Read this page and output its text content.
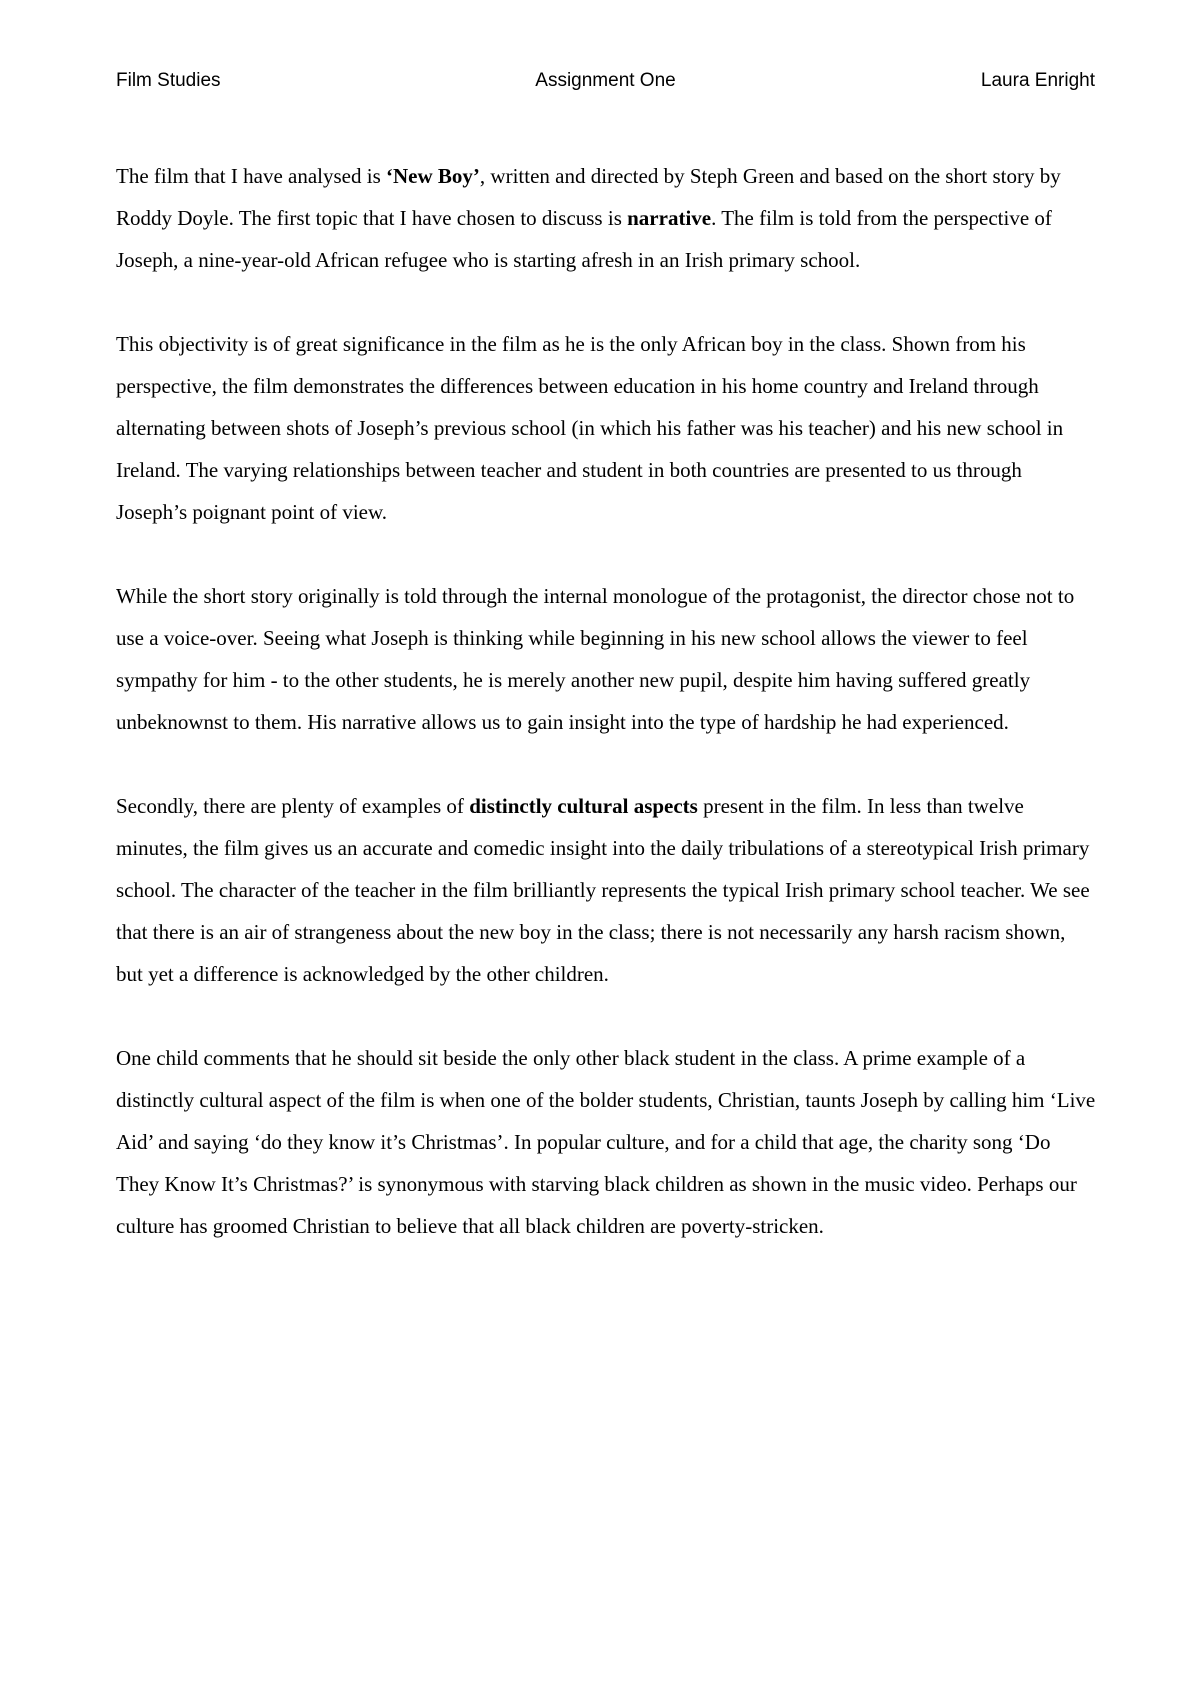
Film Studies	Assignment One	Laura Enright

The film that I have analysed is ‘New Boy’, written and directed by Steph Green and based on the short story by Roddy Doyle. The first topic that I have chosen to discuss is narrative. The film is told from the perspective of Joseph, a nine-year-old African refugee who is starting afresh in an Irish primary school.

This objectivity is of great significance in the film as he is the only African boy in the class. Shown from his perspective, the film demonstrates the differences between education in his home country and Ireland through alternating between shots of Joseph’s previous school (in which his father was his teacher) and his new school in Ireland. The varying relationships between teacher and student in both countries are presented to us through Joseph’s poignant point of view.

While the short story originally is told through the internal monologue of the protagonist, the director chose not to use a voice-over. Seeing what Joseph is thinking while beginning in his new school allows the viewer to feel sympathy for him - to the other students, he is merely another new pupil, despite him having suffered greatly unbeknownst to them. His narrative allows us to gain insight into the type of hardship he had experienced.

Secondly, there are plenty of examples of distinctly cultural aspects present in the film. In less than twelve minutes, the film gives us an accurate and comedic insight into the daily tribulations of a stereotypical Irish primary school. The character of the teacher in the film brilliantly represents the typical Irish primary school teacher. We see that there is an air of strangeness about the new boy in the class; there is not necessarily any harsh racism shown, but yet a difference is acknowledged by the other children.

One child comments that he should sit beside the only other black student in the class. A prime example of a distinctly cultural aspect of the film is when one of the bolder students, Christian, taunts Joseph by calling him ‘Live Aid’ and saying ‘do they know it’s Christmas’. In popular culture, and for a child that age, the charity song ‘Do They Know It’s Christmas?’ is synonymous with starving black children as shown in the music video. Perhaps our culture has groomed Christian to believe that all black children are poverty-stricken.
